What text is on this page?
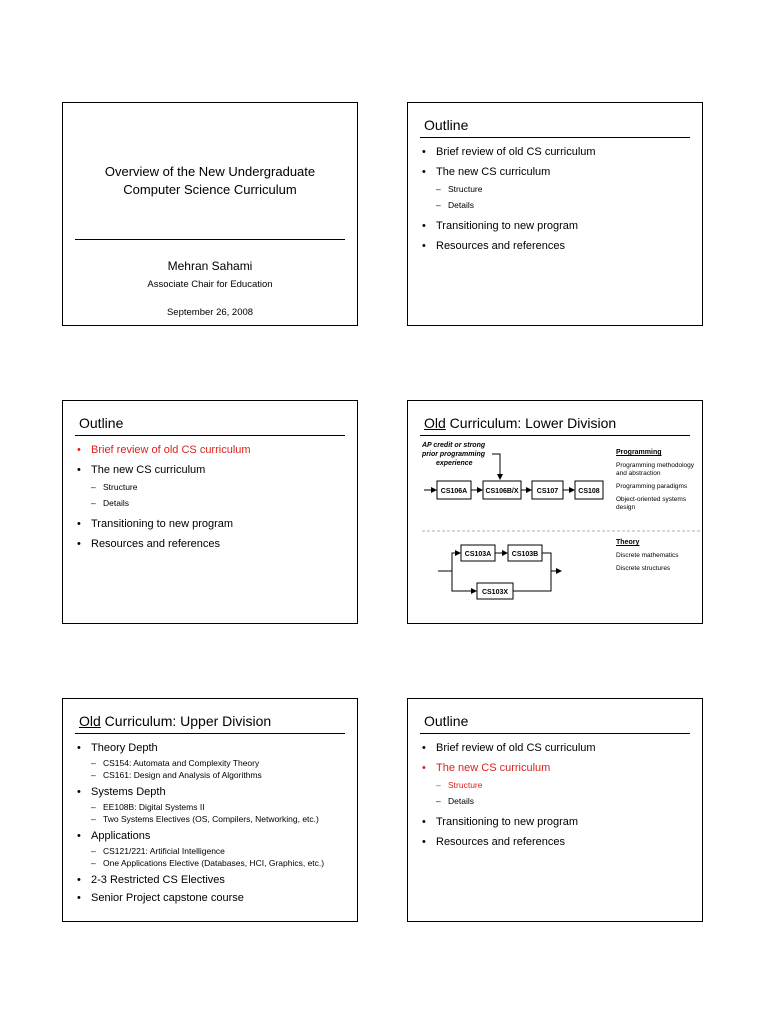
Overview of the New Undergraduate
Computer Science Curriculum
Mehran Sahami
Associate Chair for Education
September 26, 2008
Outline
• Brief review of old CS curriculum
• The new CS curriculum
– Structure
– Details
• Transitioning to new program
• Resources and references
Outline
• Brief review of old CS curriculum
• The new CS curriculum
– Structure
– Details
• Transitioning to new program
• Resources and references
Old Curriculum: Lower Division
AP credit or strong
prior programming
experience
CS106A	CS106B/X	CS107	CS108
CS103A	CS103B
CS103X
Programming
Programming methodology and abstraction
Programming paradigms
Object-oriented systems design
Theory
Discrete mathematics
Discrete structures
Old Curriculum: Upper Division
• Theory Depth
– CS154: Automata and Complexity Theory
– CS161: Design and Analysis of Algorithms
• Systems Depth
– EE108B: Digital Systems II
– Two Systems Electives (OS, Compilers, Networking, etc.)
• Applications
– CS121/221: Artificial Intelligence
– One Applications Elective (Databases, HCI, Graphics, etc.)
• 2-3 Restricted CS Electives
• Senior Project capstone course
Outline
• Brief review of old CS curriculum
• The new CS curriculum
– Structure
– Details
• Transitioning to new program
• Resources and references
